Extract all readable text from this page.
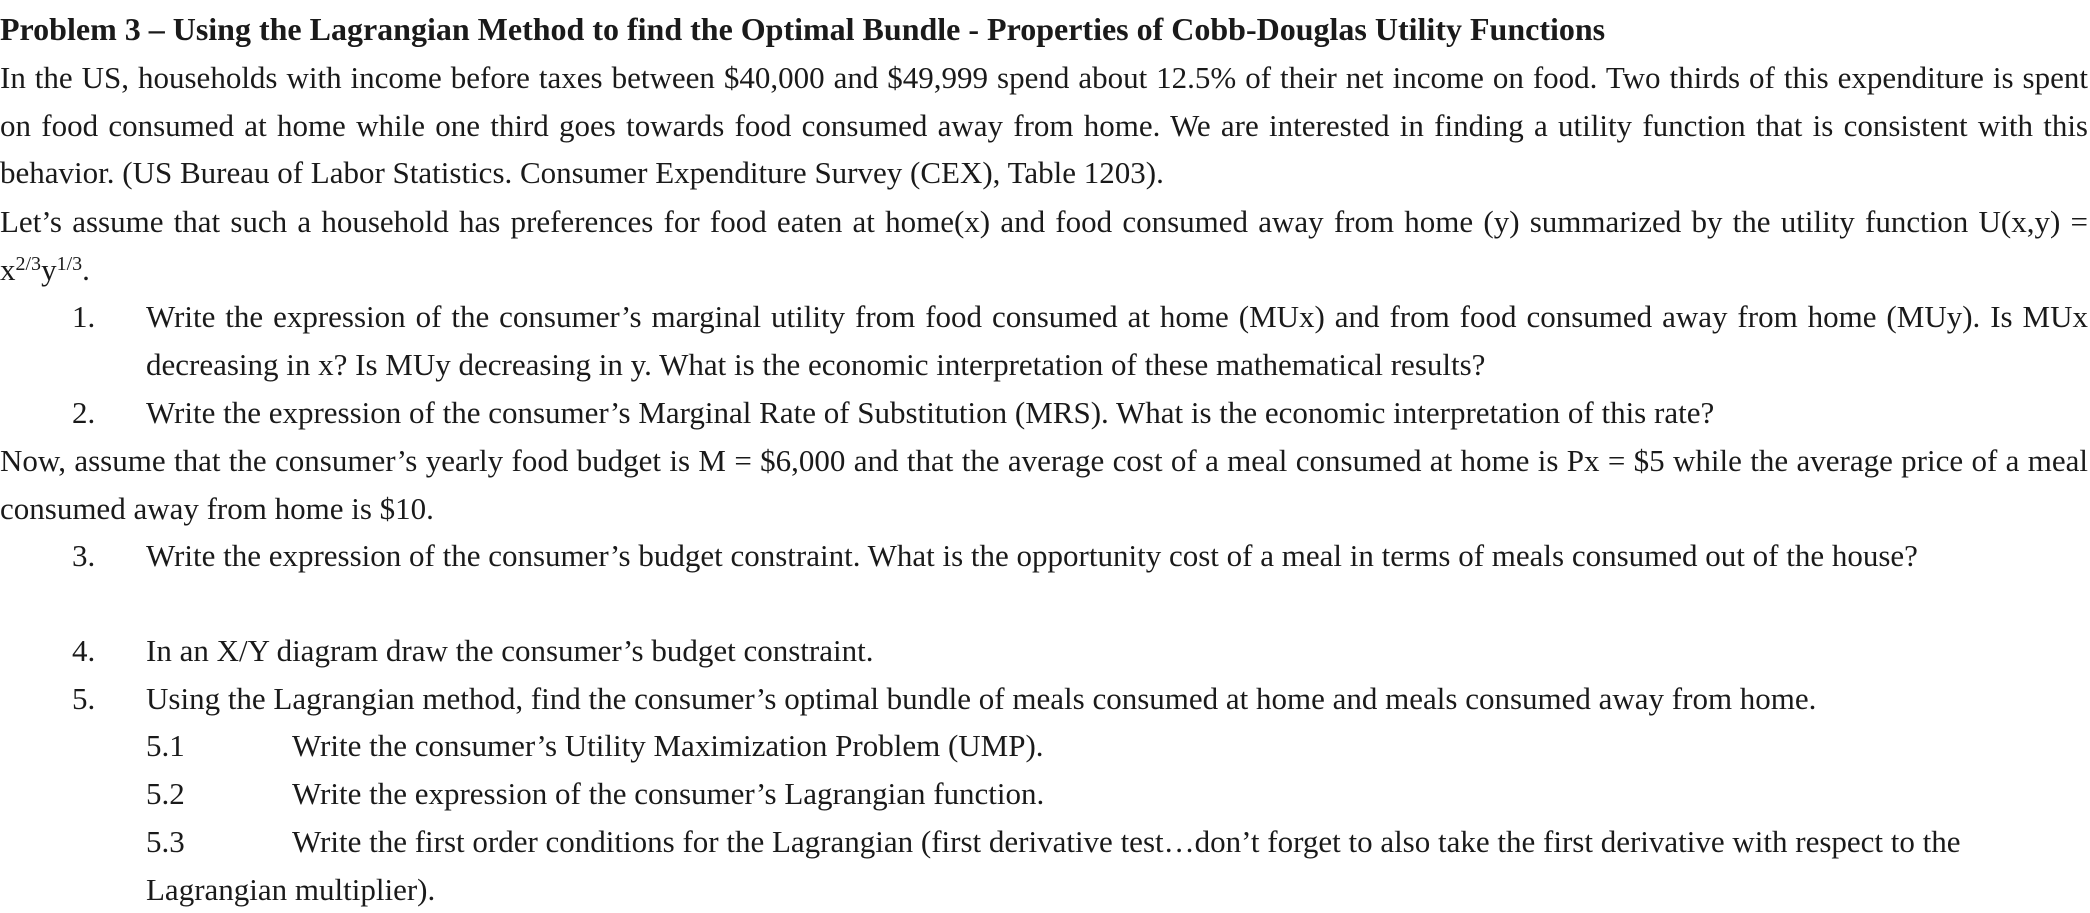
Problem 3 – Using the Lagrangian Method to find the Optimal Bundle - Properties of Cobb-Douglas Utility Functions
In the US, households with income before taxes between $40,000 and $49,999 spend about 12.5% of their net income on food. Two thirds of this expenditure is spent on food consumed at home while one third goes towards food consumed away from home. We are interested in finding a utility function that is consistent with this behavior. (US Bureau of Labor Statistics. Consumer Expenditure Survey (CEX), Table 1203).
Let’s assume that such a household has preferences for food eaten at home(x) and food consumed away from home (y) summarized by the utility function $U(x,y) = x^{2/3}y^{1/3}$.
1. Write the expression of the consumer’s marginal utility from food consumed at home (MUx) and from food consumed away from home (MUy). Is MUx decreasing in x? Is MUy decreasing in y. What is the economic interpretation of these mathematical results?
2. Write the expression of the consumer’s Marginal Rate of Substitution (MRS). What is the economic interpretation of this rate?
Now, assume that the consumer’s yearly food budget is M = $6,000 and that the average cost of a meal consumed at home is Px = $5 while the average price of a meal consumed away from home is $10.
3. Write the expression of the consumer’s budget constraint. What is the opportunity cost of a meal in terms of meals consumed out of the house?
4. In an X/Y diagram draw the consumer’s budget constraint.
5. Using the Lagrangian method, find the consumer’s optimal bundle of meals consumed at home and meals consumed away from home.
5.1	Write the consumer’s Utility Maximization Problem (UMP).
5.2	Write the expression of the consumer’s Lagrangian function.
5.3	Write the first order conditions for the Lagrangian (first derivative test…don’t forget to also take the first derivative with respect to the Lagrangian multiplier).
